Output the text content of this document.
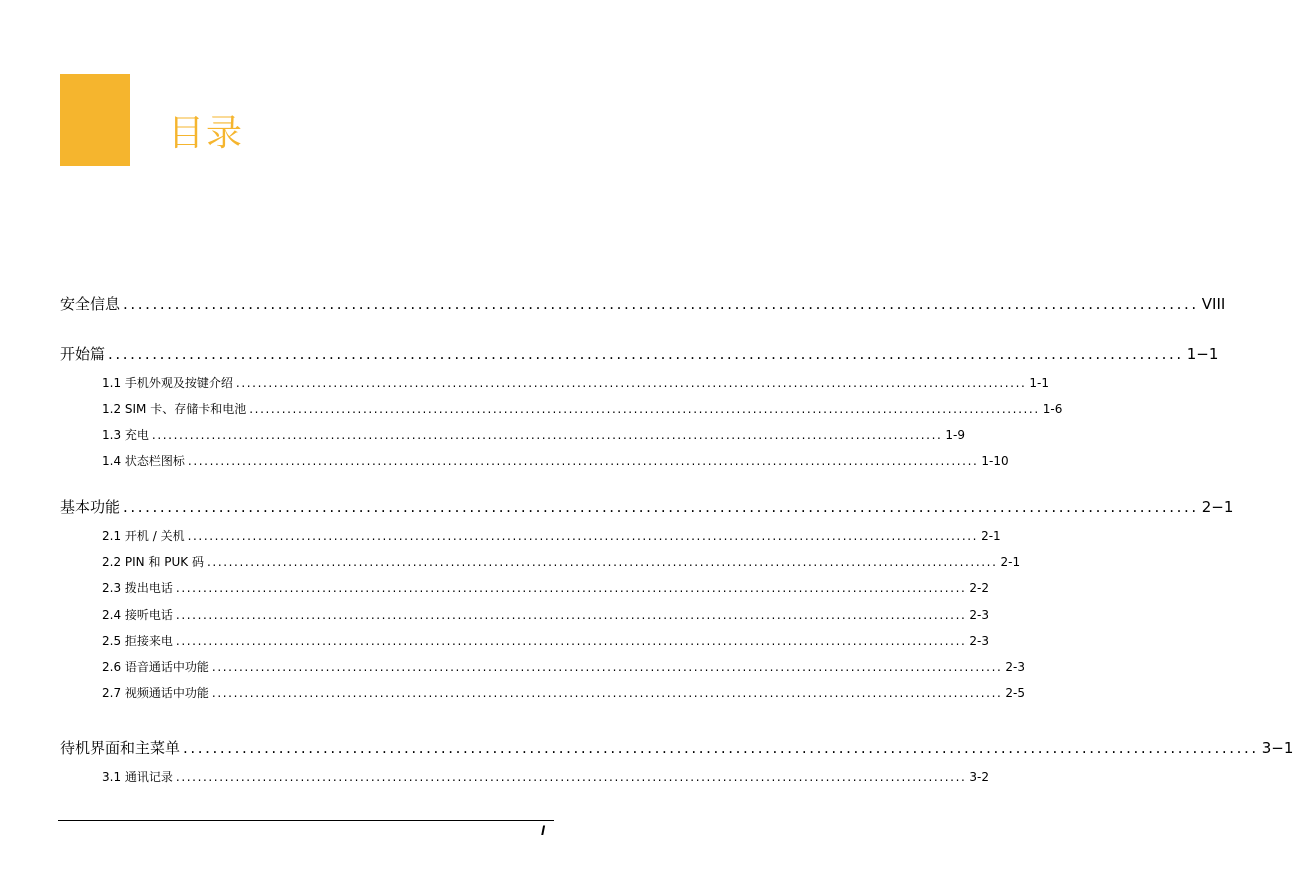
目录
安全信息 .................................................................................................................................................. VIII
开始篇 .................................................................................................................................................. 1−1
1.1 手机外观及按键介绍 .................................................................................................................................................. 1-1
1.2 SIM 卡、存储卡和电池 .................................................................................................................................................. 1-6
1.3 充电 .................................................................................................................................................. 1-9
1.4 状态栏图标 .................................................................................................................................................. 1-10
基本功能 .................................................................................................................................................. 2−1
2.1 开机 / 关机 .................................................................................................................................................. 2-1
2.2 PIN 和 PUK 码 .................................................................................................................................................. 2-1
2.3 拨出电话 .................................................................................................................................................. 2-2
2.4 接听电话 .................................................................................................................................................. 2-3
2.5 拒接来电 .................................................................................................................................................. 2-3
2.6 语音通话中功能 .................................................................................................................................................. 2-3
2.7 视频通话中功能 .................................................................................................................................................. 2-5
待机界面和主菜单 .................................................................................................................................................. 3−1
3.1 通讯记录 .................................................................................................................................................. 3-2
I
